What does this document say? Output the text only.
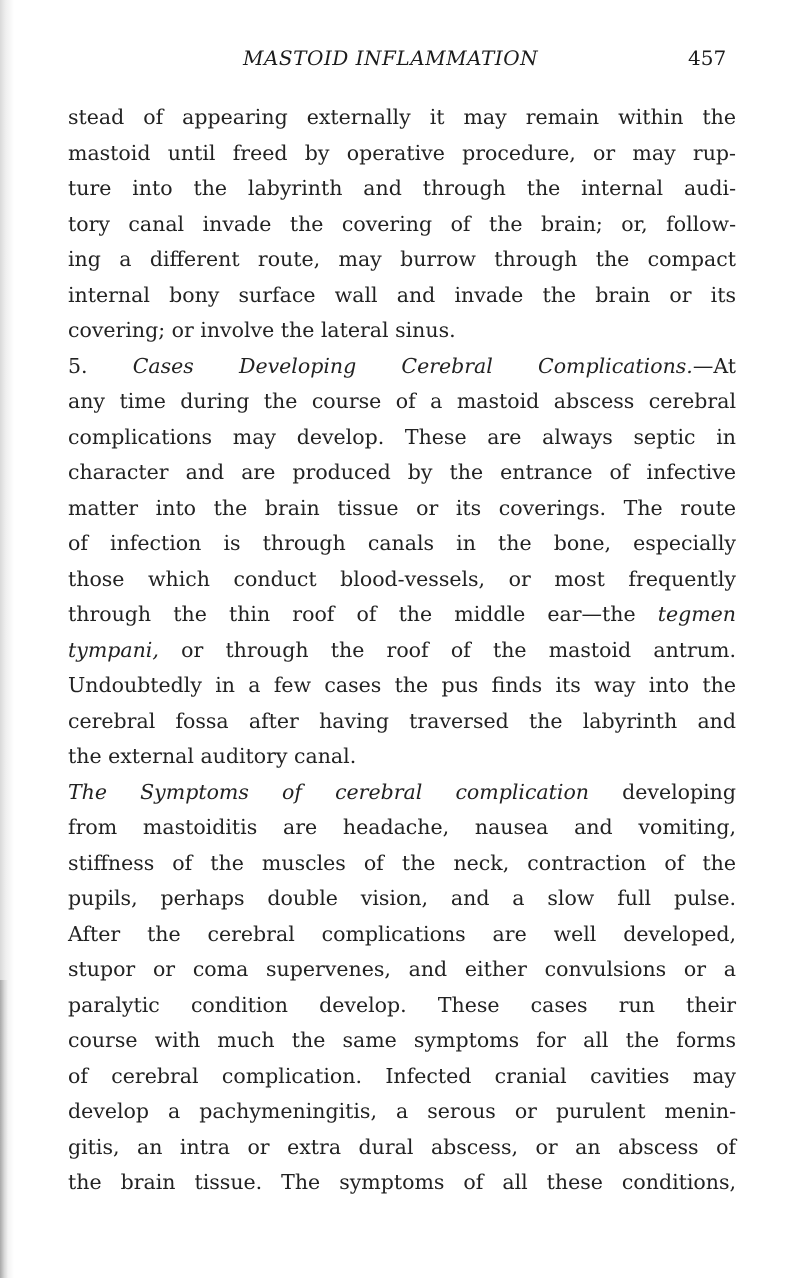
MASTOID INFLAMMATION	457
stead of appearing externally it may remain within the
mastoid until freed by operative procedure, or may rup-
ture into the labyrinth and through the internal audi-
tory canal invade the covering of the brain; or, follow-
ing a different route, may burrow through the compact
internal bony surface wall and invade the brain or its
covering; or involve the lateral sinus.
5. Cases Developing Cerebral Complications.—At
any time during the course of a mastoid abscess cerebral
complications may develop. These are always septic in
character and are produced by the entrance of infective
matter into the brain tissue or its coverings. The route
of infection is through canals in the bone, especially
those which conduct blood-vessels, or most frequently
through the thin roof of the middle ear—the tegmen
tympani, or through the roof of the mastoid antrum.
Undoubtedly in a few cases the pus finds its way into the
cerebral fossa after having traversed the labyrinth and
the external auditory canal.
The Symptoms of cerebral complication developing
from mastoiditis are headache, nausea and vomiting,
stiffness of the muscles of the neck, contraction of the
pupils, perhaps double vision, and a slow full pulse.
After the cerebral complications are well developed,
stupor or coma supervenes, and either convulsions or a
paralytic condition develop. These cases run their
course with much the same symptoms for all the forms
of cerebral complication. Infected cranial cavities may
develop a pachymeningitis, a serous or purulent menin-
gitis, an intra or extra dural abscess, or an abscess of
the brain tissue. The symptoms of all these conditions,
